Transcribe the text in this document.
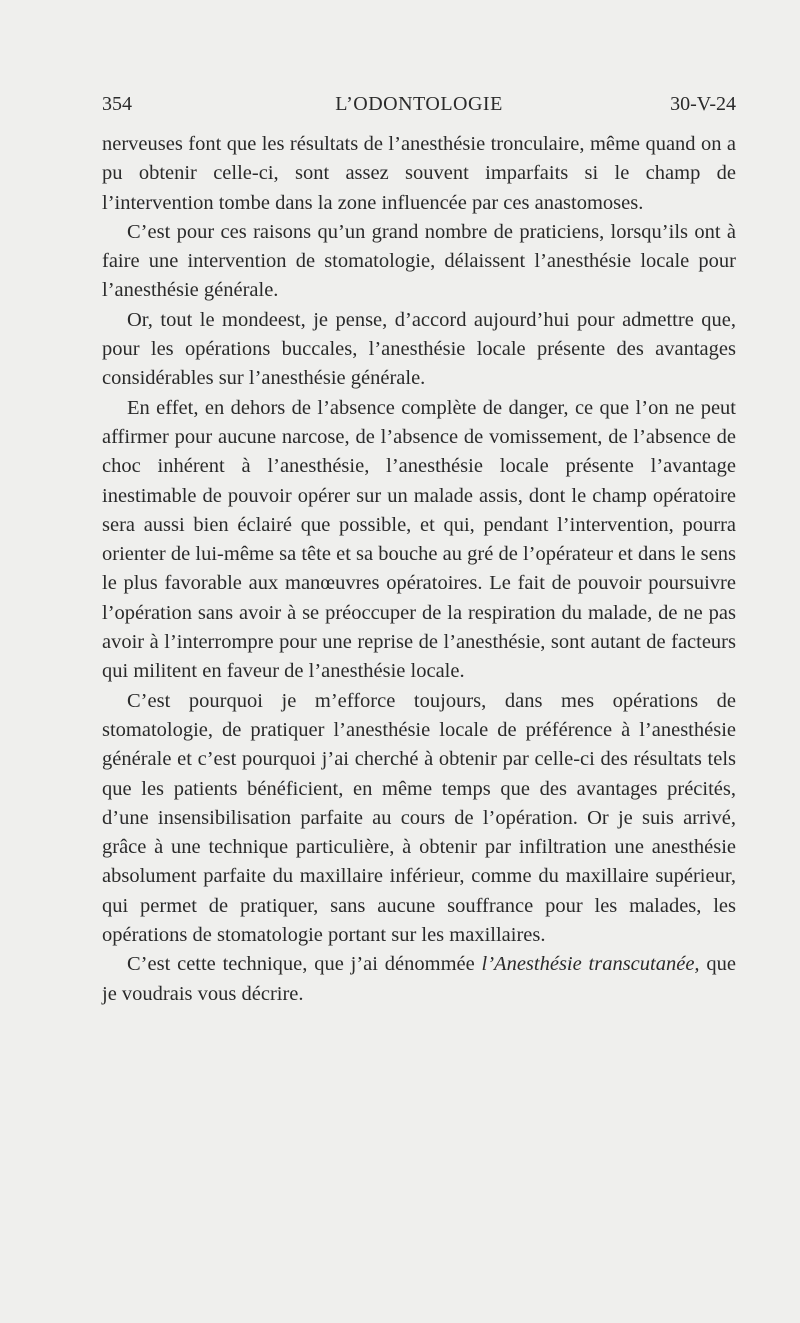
354	L’ODONTOLOGIE	30-V-24

nerveuses font que les résultats de l’anesthésie tronculaire, même quand on a pu obtenir celle-ci, sont assez souvent imparfaits si le champ de l’intervention tombe dans la zone influencée par ces anastomoses.

C’est pour ces raisons qu’un grand nombre de praticiens, lorsqu’ils ont à faire une intervention de stomatologie, délaissent l’anesthésie locale pour l’anesthésie générale.

Or, tout le mondeest, je pense, d’accord aujourd’hui pour admettre que, pour les opérations buccales, l’anesthésie locale présente des avantages considérables sur l’anesthésie générale.

En effet, en dehors de l’absence complète de danger, ce que l’on ne peut affirmer pour aucune narcose, de l’absence de vomissement, de l’absence de choc inhérent à l’anesthésie, l’anesthésie locale présente l’avantage inestimable de pouvoir opérer sur un malade assis, dont le champ opératoire sera aussi bien éclairé que possible, et qui, pendant l’intervention, pourra orienter de lui-même sa tête et sa bouche au gré de l’opérateur et dans le sens le plus favorable aux manœuvres opératoires. Le fait de pouvoir poursuivre l’opération sans avoir à se préoccuper de la respiration du malade, de ne pas avoir à l’interrompre pour une reprise de l’anesthésie, sont autant de facteurs qui militent en faveur de l’anesthésie locale.

C’est pourquoi je m’efforce toujours, dans mes opérations de stomatologie, de pratiquer l’anesthésie locale de préférence à l’anesthésie générale et c’est pourquoi j’ai cherché à obtenir par celle-ci des résultats tels que les patients bénéficient, en même temps que des avantages précités, d’une insensibilisation parfaite au cours de l’opération. Or je suis arrivé, grâce à une technique particulière, à obtenir par infiltration une anesthésie absolument parfaite du maxillaire inférieur, comme du maxillaire supérieur, qui permet de pratiquer, sans aucune souffrance pour les malades, les opérations de stomatologie portant sur les maxillaires.

C’est cette technique, que j’ai dénommée l’Anesthésie transcutanée, que je voudrais vous décrire.
